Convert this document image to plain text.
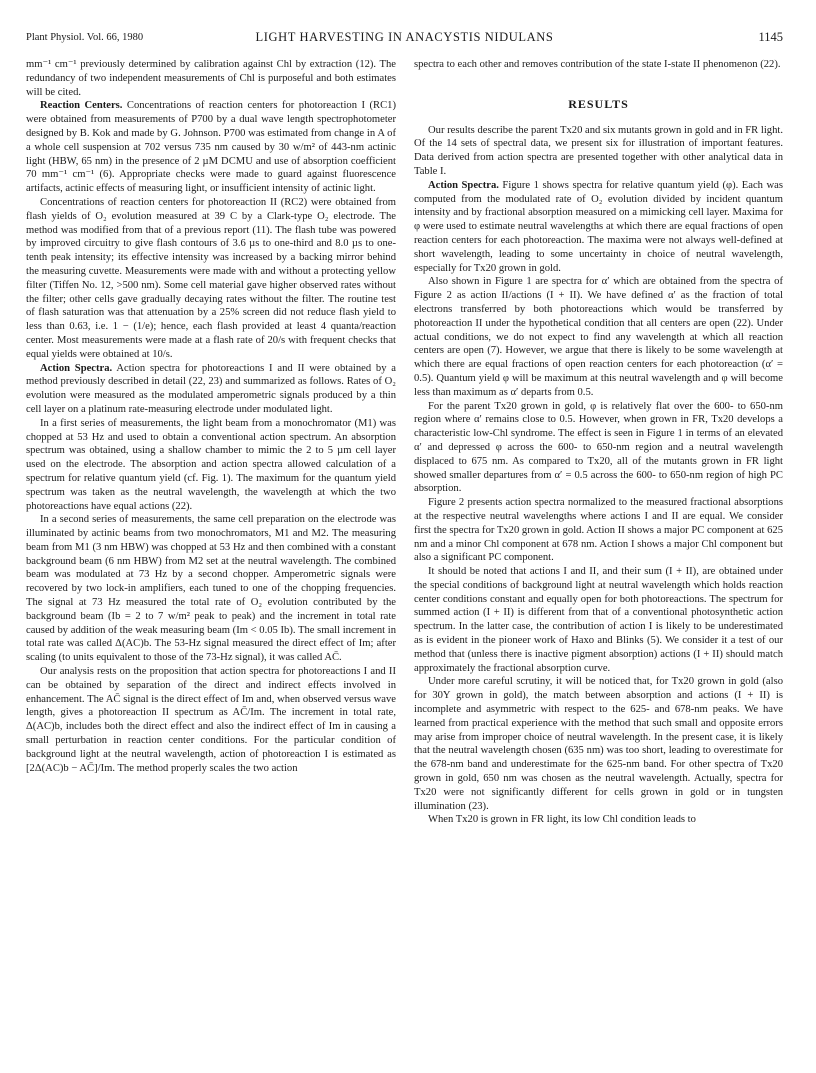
Plant Physiol. Vol. 66, 1980	LIGHT HARVESTING IN ANACYSTIS NIDULANS	1145

mm⁻¹ cm⁻¹ previously determined by calibration against Chl by extraction (12). The redundancy of two independent measurements of Chl is purposeful and both estimates will be cited.

Reaction Centers. Concentrations of reaction centers for photoreaction I (RC1) were obtained from measurements of P700 by a dual wave length spectrophotometer designed by B. Kok and made by G. Johnson. P700 was estimated from change in A of a whole cell suspension at 702 versus 735 nm caused by 30 w/m² of 443-nm actinic light (HBW, 65 nm) in the presence of 2 µM DCMU and use of absorption coefficient 70 mm⁻¹ cm⁻¹ (6). Appropriate checks were made to guard against fluorescence artifacts, actinic effects of measuring light, or insufficient intensity of actinic light.

Concentrations of reaction centers for photoreaction II (RC2) were obtained from flash yields of O₂ evolution measured at 39 C by a Clark-type O₂ electrode. The method was modified from that of a previous report (11). The flash tube was powered by improved circuitry to give flash contours of 3.6 µs to one-third and 8.0 µs to one-tenth peak intensity; its effective intensity was increased by a backing mirror behind the measuring cuvette. Measurements were made with and without a protecting yellow filter (Tiffen No. 12, >500 nm). Some cell material gave higher observed rates without the filter; other cells gave gradually decaying rates without the filter. The routine test of flash saturation was that attenuation by a 25% screen did not reduce flash yield to less than 0.63, i.e. 1 − (1/e); hence, each flash provided at least 4 quanta/reaction center. Most measurements were made at a flash rate of 20/s with frequent checks that equal yields were obtained at 10/s.

Action Spectra. Action spectra for photoreactions I and II were obtained by a method previously described in detail (22, 23) and summarized as follows. Rates of O₂ evolution were measured as the modulated amperometric signals produced by a thin cell layer on a platinum rate-measuring electrode under modulated light.

In a first series of measurements, the light beam from a monochromator (M1) was chopped at 53 Hz and used to obtain a conventional action spectrum. An absorption spectrum was obtained, using a shallow chamber to mimic the 2 to 5 µm cell layer used on the electrode. The absorption and action spectra allowed calculation of a spectrum for relative quantum yield (cf. Fig. 1). The maximum for the quantum yield spectrum was taken as the neutral wavelength, the wavelength at which the two photoreactions have equal actions (22).

In a second series of measurements, the same cell preparation on the electrode was illuminated by actinic beams from two monochromators, M1 and M2. The measuring beam from M1 (3 nm HBW) was chopped at 53 Hz and then combined with a constant background beam (6 nm HBW) from M2 set at the neutral wavelength. The combined beam was modulated at 73 Hz by a second chopper. Amperometric signals were recovered by two lock-in amplifiers, each tuned to one of the chopping frequencies. The signal at 73 Hz measured the total rate of O₂ evolution contributed by the background beam (Ib = 2 to 7 w/m² peak to peak) and the increment in total rate caused by addition of the weak measuring beam (Im < 0.05 Ib). The small increment in total rate was called Δ(AC)b. The 53-Hz signal measured the direct effect of Im; after scaling (to units equivalent to those of the 73-Hz signal), it was called AC̄.

Our analysis rests on the proposition that action spectra for photoreactions I and II can be obtained by separation of the direct and indirect effects involved in enhancement. The AC̄ signal is the direct effect of Im and, when observed versus wave length, gives a photoreaction II spectrum as AC̄/Im. The increment in total rate, Δ(AC)b, includes both the direct effect and also the indirect effect of Im in causing a small perturbation in reaction center conditions. For the particular condition of background light at the neutral wavelength, action of photoreaction I is estimated as [2Δ(AC)b − AC̄]/Im. The method properly scales the two action

spectra to each other and removes contribution of the state I-state II phenomenon (22).

RESULTS

Our results describe the parent Tx20 and six mutants grown in gold and in FR light. Of the 14 sets of spectral data, we present six for illustration of important features. Data derived from action spectra are presented together with other analytical data in Table I.

Action Spectra. Figure 1 shows spectra for relative quantum yield (φ). Each was computed from the modulated rate of O₂ evolution divided by incident quantum intensity and by fractional absorption measured on a mimicking cell layer. Maxima for φ were used to estimate neutral wavelengths at which there are equal fractions of open reaction centers for each photoreaction. The maxima were not always well-defined at short wavelength, leading to some uncertainty in choice of neutral wavelength, especially for Tx20 grown in gold.

Also shown in Figure 1 are spectra for α′ which are obtained from the spectra of Figure 2 as action II/actions (I + II). We have defined α′ as the fraction of total electrons transferred by both photoreactions which would be transferred by photoreaction II under the hypothetical condition that all centers are open (22). Under actual conditions, we do not expect to find any wavelength at which all reaction centers are open (7). However, we argue that there is likely to be some wavelength at which there are equal fractions of open reaction centers for each photoreaction (α′ = 0.5). Quantum yield φ will be maximum at this neutral wavelength and φ will become less than maximum as α′ departs from 0.5.

For the parent Tx20 grown in gold, φ is relatively flat over the 600- to 650-nm region where α′ remains close to 0.5. However, when grown in FR, Tx20 develops a characteristic low-Chl syndrome. The effect is seen in Figure 1 in terms of an elevated α′ and depressed φ across the 600- to 650-nm region and a neutral wavelength displaced to 675 nm. As compared to Tx20, all of the mutants grown in FR light showed smaller departures from α′ = 0.5 across the 600- to 650-nm region of high PC absorption.

Figure 2 presents action spectra normalized to the measured fractional absorptions at the respective neutral wavelengths where actions I and II are equal. We consider first the spectra for Tx20 grown in gold. Action II shows a major PC component at 625 nm and a minor Chl component at 678 nm. Action I shows a major Chl component but also a significant PC component.

It should be noted that actions I and II, and their sum (I + II), are obtained under the special conditions of background light at neutral wavelength which holds reaction center conditions constant and equally open for both photoreactions. The spectrum for summed action (I + II) is different from that of a conventional photosynthetic action spectrum. In the latter case, the contribution of action I is likely to be underestimated as is evident in the pioneer work of Haxo and Blinks (5). We consider it a test of our method that (unless there is inactive pigment absorption) actions (I + II) should match approximately the fractional absorption curve.

Under more careful scrutiny, it will be noticed that, for Tx20 grown in gold (also for 30Y grown in gold), the match between absorption and actions (I + II) is incomplete and asymmetric with respect to the 625- and 678-nm peaks. We have learned from practical experience with the method that such small and opposite errors may arise from improper choice of neutral wavelength. In the present case, it is likely that the neutral wavelength chosen (635 nm) was too short, leading to overestimate for the 678-nm band and underestimate for the 625-nm band. For other spectra of Tx20 grown in gold, 650 nm was chosen as the neutral wavelength. Actually, spectra for Tx20 were not significantly different for cells grown in gold or in tungsten illumination (23).

When Tx20 is grown in FR light, its low Chl condition leads to
